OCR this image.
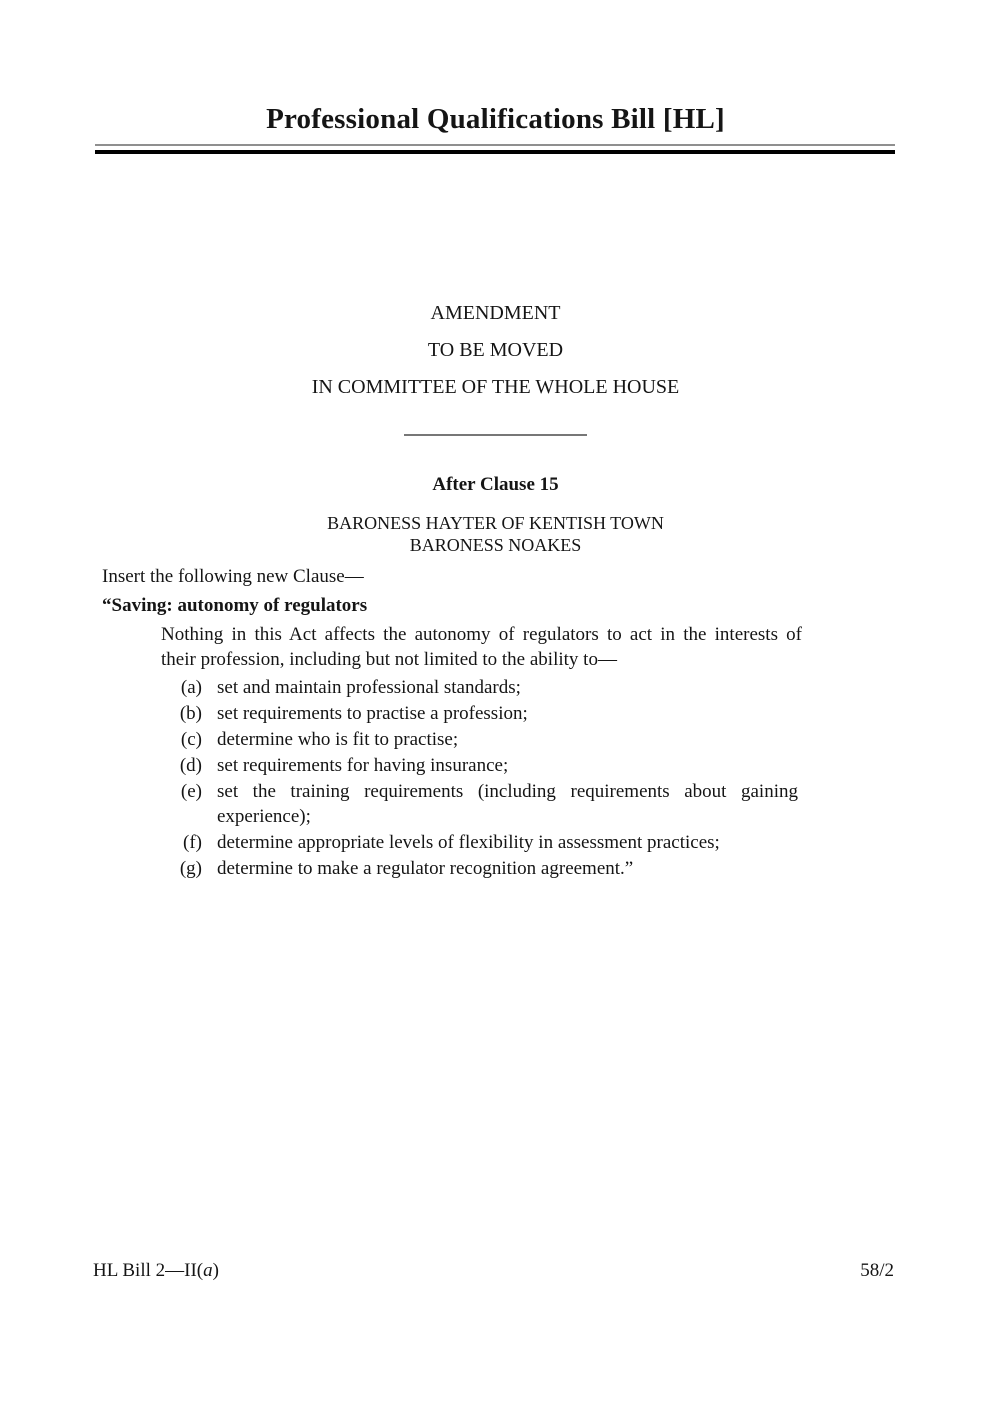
Professional Qualifications Bill [HL]
AMENDMENT
TO BE MOVED
IN COMMITTEE OF THE WHOLE HOUSE
After Clause 15
BARONESS HAYTER OF KENTISH TOWN
BARONESS NOAKES
Insert the following new Clause—
“Saving: autonomy of regulators
Nothing in this Act affects the autonomy of regulators to act in the interests of
their profession, including but not limited to the ability to—
(a) set and maintain professional standards;
(b) set requirements to practise a profession;
(c) determine who is fit to practise;
(d) set requirements for having insurance;
(e) set the training requirements (including requirements about gaining
experience);
(f) determine appropriate levels of flexibility in assessment practices;
(g) determine to make a regulator recognition agreement.”
HL Bill 2—II(a)	58/2
